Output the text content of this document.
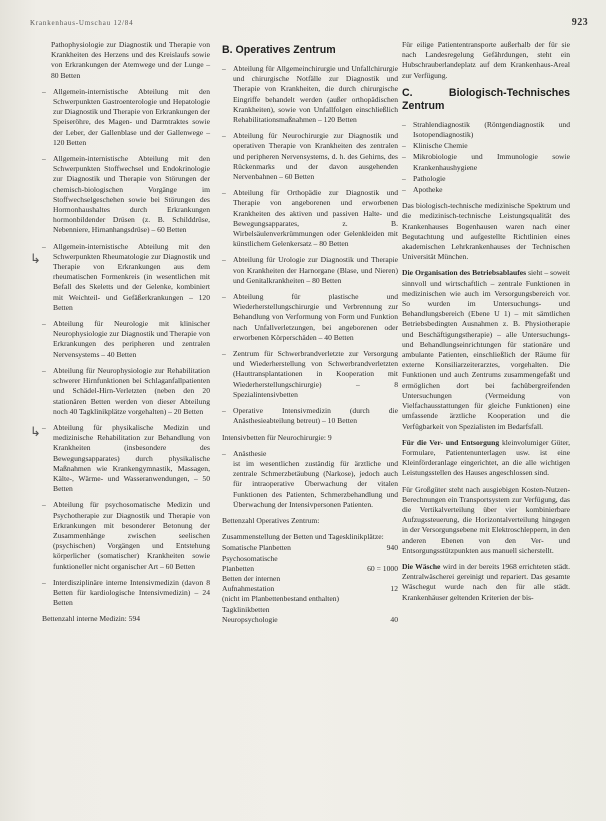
Krankenhaus-Umschau 12/84	923
↳
↳

Pathophysiologie zur Diagnostik und Therapie von Krankheiten des Herzens und des Kreislaufs sowie von Erkrankungen der Atemwege und der Lunge – 80 Betten

– Allgemein-internistische Abteilung mit den Schwerpunkten Gastroenterologie und Hepatologie zur Diagnostik und Therapie von Erkrankungen der Speiseröhre, des Magen- und Darmtraktes sowie der Leber, der Gallenblase und der Gallenwege – 120 Betten
– Allgemein-internistische Abteilung mit den Schwerpunkten Stoffwechsel und Endokrinologie zur Diagnostik und Therapie von Störungen der chemisch-biologischen Vorgänge im Stoffwechselgeschehen sowie bei Störungen des Hormonhaushaltes durch Erkrankungen hormonbildender Drüsen (z. B. Schilddrüse, Nebenniere, Hirnanhangsdrüse) – 60 Betten
– Allgemein-internistische Abteilung mit den Schwerpunkten Rheumatologie zur Diagnostik und Therapie von Erkrankungen aus dem rheumatischen Formenkreis (in wesentlichen mit Befall des Skeletts und der Gelenke, kombiniert mit Weichteil- und Gefäßerkrankungen – 120 Betten
– Abteilung für Neurologie mit klinischer Neurophysiologie zur Diagnostik und Therapie von Erkrankungen des peripheren und zentralen Nervensystems – 40 Betten
– Abteilung für Neurophysiologie zur Rehabilitation schwerer Hirnfunktionen bei Schlaganfallpatienten und Schädel-Hirn-Verletzten (neben den 20 stationären Betten werden von dieser Abteilung noch 40 Tagklinikplätze vorgehalten) – 20 Betten
– Abteilung für physikalische Medizin und medizinische Rehabilitation zur Behandlung von Krankheiten (insbesondere des Bewegungsapparates) durch physikalische Maßnahmen wie Krankengymnastik, Massagen, Kälte-, Wärme- und Wasseranwendungen, – 50 Betten
– Abteilung für psychosomatische Medizin und Psychotherapie zur Diagnostik und Therapie von Erkrankungen mit besonderer Betonung der Zusammenhänge zwischen seelischen (psychischen) Vorgängen und Entstehung körperlicher (somatischer) Krankheiten sowie funktioneller nicht organischer Art – 60 Betten
– Interdisziplinäre interne Intensivmedizin (davon 8 Betten für kardiologische Intensivmedizin) – 24 Betten

Bettenzahl interne Medizin: 594

B. Operatives Zentrum
– Abteilung für Allgemeinchirurgie und Unfallchirurgie und chirurgische Notfälle zur Diagnostik und Therapie von Krankheiten, die durch chirurgische Eingriffe behandelt werden (außer orthopädischen Krankheiten), sowie von Unfallfolgen einschließlich Rehabilitationsmaßnahmen – 120 Betten
– Abteilung für Neurochirurgie zur Diagnostik und operativen Therapie von Krankheiten des zentralen und peripheren Nervensystems, d. h. des Gehirns, des Rückenmarks und der davon ausgehenden Nervenbahnen – 60 Betten
– Abteilung für Orthopädie zur Diagnostik und Therapie von angeborenen und erworbenen Krankheiten des aktiven und passiven Halte- und Bewegungsapparates, z. B. Wirbelsäulenverkrümmungen oder Gelenkleiden mit künstlichem Gelenkersatz – 80 Betten
– Abteilung für Urologie zur Diagnostik und Therapie von Krankheiten der Harnorgane (Blase, und Nieren) und Genitalkrankheiten – 80 Betten
– Abteilung für plastische und Wiederherstellungschirurgie und Verbrennung zur Behandlung von Verformung von Form und Funktion nach Unfallverletzungen, bei angeborenen oder erworbenen Körperschäden – 40 Betten
– Zentrum für Schwerbrandverletzte zur Versorgung und Wiederherstellung von Schwerbrandverletzten (Hauttransplantationen in Kooperation mit Wiederherstellungschirurgie) – 8 Spezialintensivbetten
– Operative Intensivmedizin (durch die Anästhesieabteilung betreut) – 10 Betten

Intensivbetten für Neurochirurgie: 9

– Anästhesie
ist im wesentlichen zuständig für ärztliche und zentrale Schmerzbetäubung (Narkose), jedoch auch für intraoperative Überwachung der vitalen Funktionen des Patienten, Schmerzbehandlung und Überwachung der Intensivpersonen Patienten.

Bettenzahl Operatives Zentrum:

Zusammenstellung der Betten und Tagesklinikplätze:

Somatische Planbetten	940
Psychosomatische
Planbetten	60 = 1000
Betten der internen
Aufnahmestation	12
(nicht im Planbettenbestand enthalten)
Tagklinikbetten
Neuropsychologie	40

Für eilige Patiententransporte außerhalb der für sie nach Landesregelung Gefährdungen, steht ein Hubschrauberlandeplatz auf dem Krankenhaus-Areal zur Verfügung.

C. Biologisch-Technisches Zentrum
– Strahlendiagnostik (Röntgendiagnostik und Isotopendiagnostik)
– Klinische Chemie
– Mikrobiologie und Immunologie sowie Krankenhaushygiene
– Pathologie
– Apotheke

Das biologisch-technische medizinische Spektrum und die medizinisch-technische Leistungsqualität des Krankenhauses Bogenhausen waren nach einer Begutachtung und aufgestellte Richtlinien eines akademischen Lehrkrankenhauses der Technischen Universität München.

Die Organisation des Betriebsablaufes sieht – soweit sinnvoll und wirtschaftlich – zentrale Funktionen in medizinischen wie auch im Versorgungsbereich vor. So wurden im Untersuchungs- und Behandlungsbereich (Ebene U 1) – mit sämtlichen Betriebsbedingten Ausnahmen z. B. Physiotherapie und Beschäftigungstherapie) – alle Untersuchungs- und Behandlungseinrichtungen für stationäre und ambulante Patienten, einschließlich der Räume für externe Konsiliarzeiterarztes, vorgehalten. Die Funktionen und auch Zentrums zusammengefaßt und ermöglichen dort bei fachübergreifenden Untersuchungen (Vermeidung von Vielfachausstattungen für gleiche Funktionen) eine umfassende ärztliche Kooperation und die Verfügbarkeit von Spezialisten im Bedarfsfall.

Für die Ver- und Entsorgung kleinvolumiger Güter, Formulare, Patientenunterlagen usw. ist eine Kleinförderanlage eingerichtet, an die alle wichtigen Leistungsstellen des Hauses angeschlossen sind.

Für Großgüter steht nach ausgiebigen Kosten-Nutzen-Berechnungen ein Transportsystem zur Verfügung, das die Vertikalverteilung über vier kombinierbare Aufzugssteuerung, die Horizontalverteilung hingegen in der Versorgungsebene mit Elektroschleppern, in den anderen Ebenen von den Ver- und Entsorgungsstützpunkten aus manuell sicherstellt.

Die Wäsche wird in der bereits 1968 errichteten städt. Zentralwäscherei gereinigt und repariert. Das gesamte Wäschegut wurde nach den für alle städt. Krankenhäuser geltenden Kriterien der bis-
